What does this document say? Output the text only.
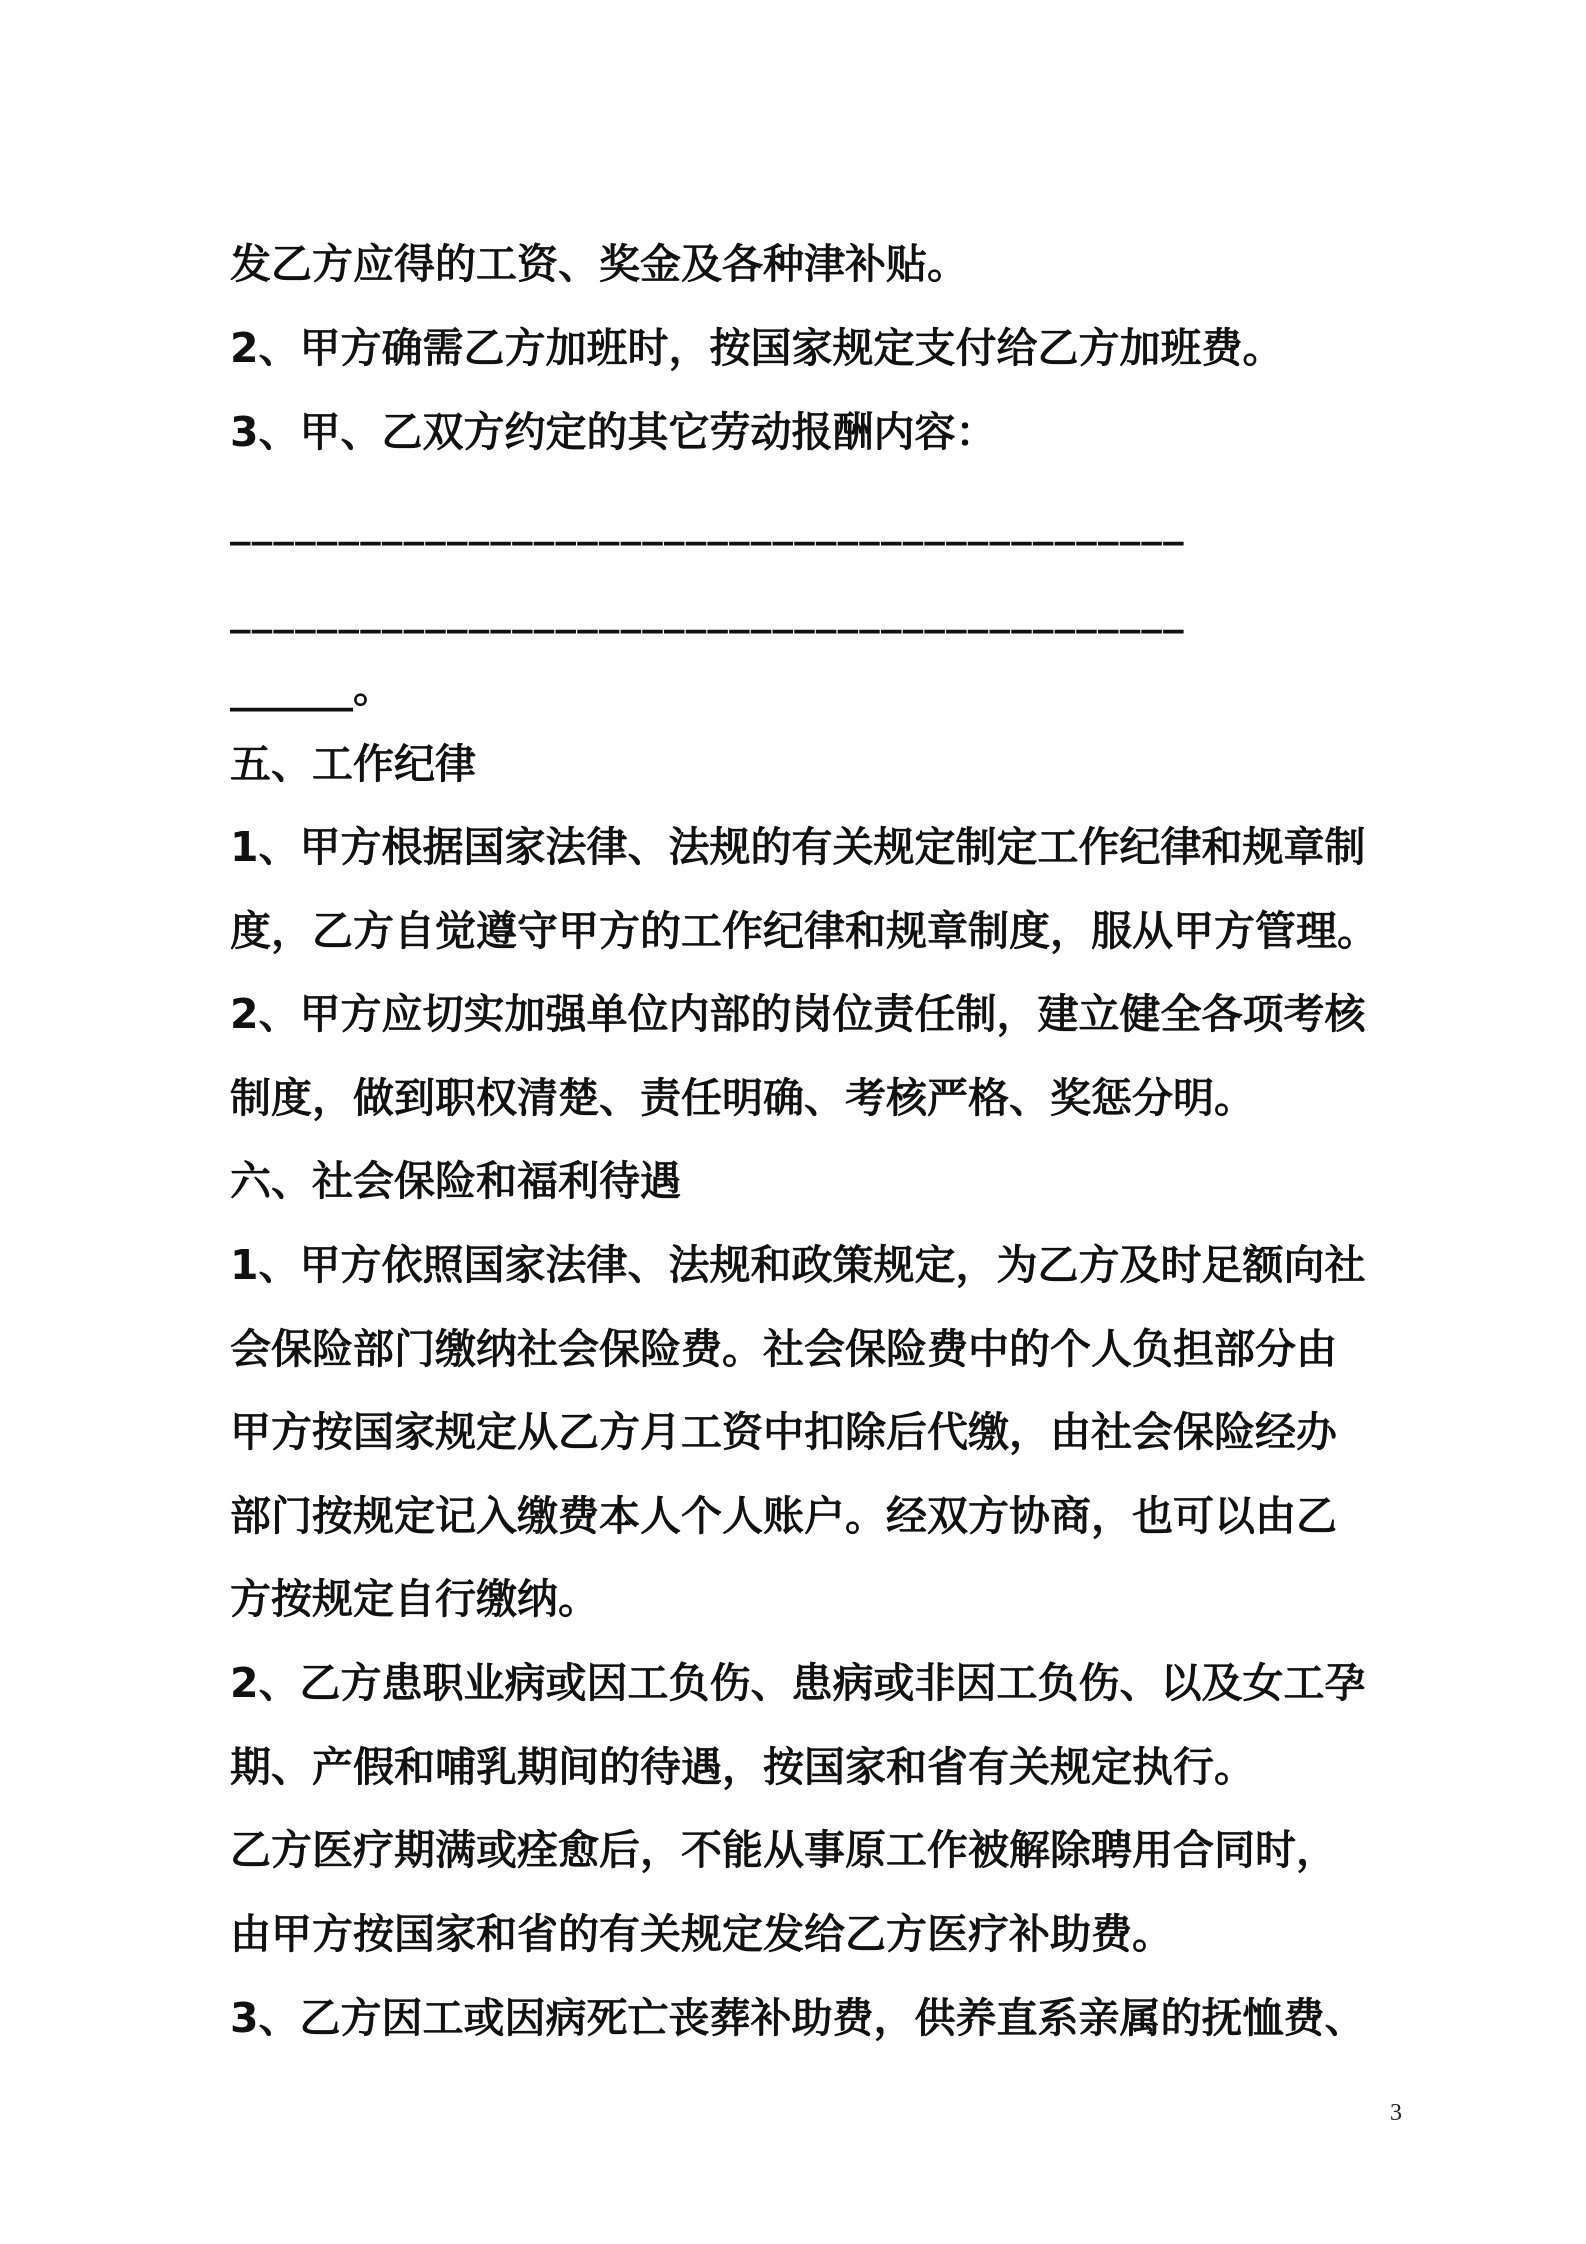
发乙方应得的工资、奖金及各种津补贴。
2、甲方确需乙方加班时，按国家规定支付给乙方加班费。
3、甲、乙双方约定的其它劳动报酬内容：
____________________________________________
____________________________________________
______。
五、工作纪律
1、甲方根据国家法律、法规的有关规定制定工作纪律和规章制
度，乙方自觉遵守甲方的工作纪律和规章制度，服从甲方管理。
2、甲方应切实加强单位内部的岗位责任制，建立健全各项考核
制度，做到职权清楚、责任明确、考核严格、奖惩分明。
六、社会保险和福利待遇
1、甲方依照国家法律、法规和政策规定，为乙方及时足额向社
会保险部门缴纳社会保险费。社会保险费中的个人负担部分由
甲方按国家规定从乙方月工资中扣除后代缴，由社会保险经办
部门按规定记入缴费本人个人账户。经双方协商，也可以由乙
方按规定自行缴纳。
2、乙方患职业病或因工负伤、患病或非因工负伤、以及女工孕
期、产假和哺乳期间的待遇，按国家和省有关规定执行。
乙方医疗期满或痊愈后，不能从事原工作被解除聘用合同时，
由甲方按国家和省的有关规定发给乙方医疗补助费。
3、乙方因工或因病死亡丧葬补助费，供养直系亲属的抚恤费、
3
